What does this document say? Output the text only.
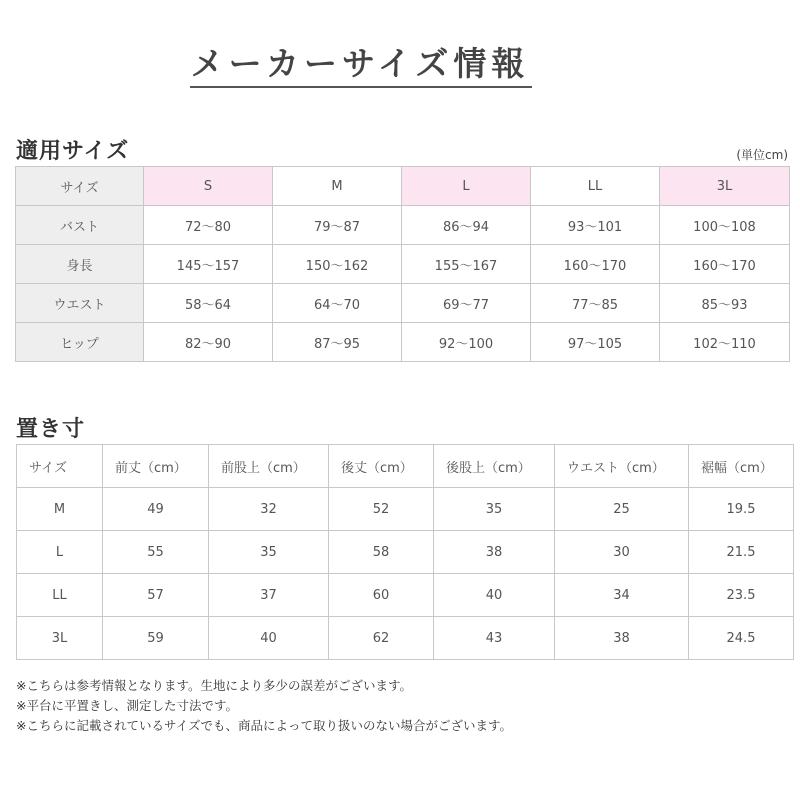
メーカーサイズ情報
適用サイズ	(単位cm)
サイズ	S	M	L	LL	3L
バスト	72〜80	79〜87	86〜94	93〜101	100〜108
身長	145〜157	150〜162	155〜167	160〜170	160〜170
ウエスト	58〜64	64〜70	69〜77	77〜85	85〜93
ヒップ	82〜90	87〜95	92〜100	97〜105	102〜110
置き寸
サイズ	前丈（cm）	前股上（cm）	後丈（cm）	後股上（cm）	ウエスト（cm）	裾幅（cm）
M	49	32	52	35	25	19.5
L	55	35	58	38	30	21.5
LL	57	37	60	40	34	23.5
3L	59	40	62	43	38	24.5
※こちらは参考情報となります。生地により多少の誤差がございます。
※平台に平置きし、測定した寸法です。
※こちらに記載されているサイズでも、商品によって取り扱いのない場合がございます。
